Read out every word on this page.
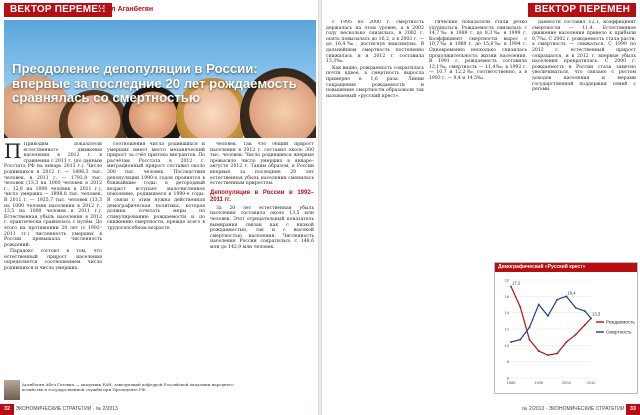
ВЕКТОР ПЕРЕМЕН
Абел Аганбегян
Преодоление депопуляции в России: впервые за последние 20 лет рождаемость сравнялась со смертностью

П Приводим показатели естественного движения населения в 2012 г. в сравнении с 2011 г. (по данным Росстата РФ на январь 2013 г.). Число родившихся в 2012 г. — 1896,3 тыс. человек, в 2011 г. — 1793,8 тыс. человек (13,3 на 1000 человек в 2012 г., 12,6 на 1000 человек в 2011 г.), число умерших — 1898,8 тыс. человек. В 2011 г. — 1925,7 тыс. человек (13,3 на 1000 человек населения в 2012 г., 13,5 на 1000 человек в 2011 г.). Естественная убыль населения в 2012 г. практически сравнялась с нулём. До этого на протяжении 20 лет (с 1992–2011 гг.) численность умерших в России превышала численность рождений.

Парадокс состоит в том, что естественный прирост населения определяется соотношением числа родившихся и числа умерших.

соотношения числа родившихся и умерших имеет место механический прирост за счёт притока мигрантов. По расчётам Росстата в 2012 г. миграционный прирост составил около 300 тыс. человек. Последствия депопуляции 1990-х годов проявятся в ближайшие годы: в детородный возраст вступает малочисленное поколение, родившееся в 1990-е годы. В связи с этим нужна действенная демографическая политика, которая должна сочетать меры по стимулированию рождаемости и по снижению смертности, прежде всего в трудоспособном возрасте.

человек. Так что общий прирост населения в 2012 г. составил около 300 тыс. человек. Число родившихся впервые превысило число умерших в январе–августе 2012 г. Таким образом, в России впервые за последние 20 лет естественная убыль населения сменилась естественным приростом.

Депопуляция в России в 1992–2011 гг.

За 20 лет естественная убыль населения составила около 13,5 млн человек. Этот отрицательный показатель вымирания связан как с низкой рождаемостью, так и с высокой смертностью населения. Численность населения России сократилась с 148,6 млн до 142,9 млн человек.

Аганбегян Абел Гезевич — академик РАН, заведующий кафедрой Российской академии народного хозяйства и государственной службы при Президенте РФ.
32 ЭКОНОМИЧЕСКИЕ СТРАТЕГИИ · № 2/2013
ВЕКТОР ПЕРЕМЕН

с 1995 по 2000 г. смертность держалась на этом уровне, а в 2002 году несколько снизилась, в 2002 г. опять повысилась до 16,2, а в 2003 г. — до 16,4‰, достигнув максимума. В дальнейшем смертность постепенно снижалась и в 2012 г. составила 13,3‰.

Как видно, рождаемость сократилась почти вдвое, а смертность выросла примерно в 1,6 раза. Линии сокращения рождаемости и повышения смертности образовали так называемый «русский крест».

гические показатели стали резко ухудшаться. Рождаемость снизилась с 14,7‰ в 1989 г. до 8,3‰ в 1999 г. Коэффициент смертности вырос с 10,7‰ в 1989 г. до 15,6‰ в 1994 г. Одновременно несколько снизилась продолжительность жизни населения. В 1991 г. рождаемость составила 12,1‰, смертность — 11,4‰; в 1992 г. — 10,7 и 12,2‰ соответственно, а в 1993 г. — 9,4 и 14,5‰.

даемости составил 12,1, коэффициент смертности — 11,4. Естественное движение населения привело к прибыли 0,7‰. С 2002 г. рождаемость стала расти, а смертность — снижаться. С 1999 по 2012 г. естественный прирост сокращался, и в 2012 г. впервые убыль населения прекратилась. С 2000 г. рождаемость в России стала заметно увеличиваться, что связано с ростом доходов населения и мерами государственной поддержки семей с детьми.

Демографический «Русский крест»
6
8
10
12
14
16
18
1986	1995	2004	2012
17,2
13,3
16,4
Рождаемость
Смертность
№ 2/2013 · ЭКОНОМИЧЕСКИЕ СТРАТЕГИИ 33
